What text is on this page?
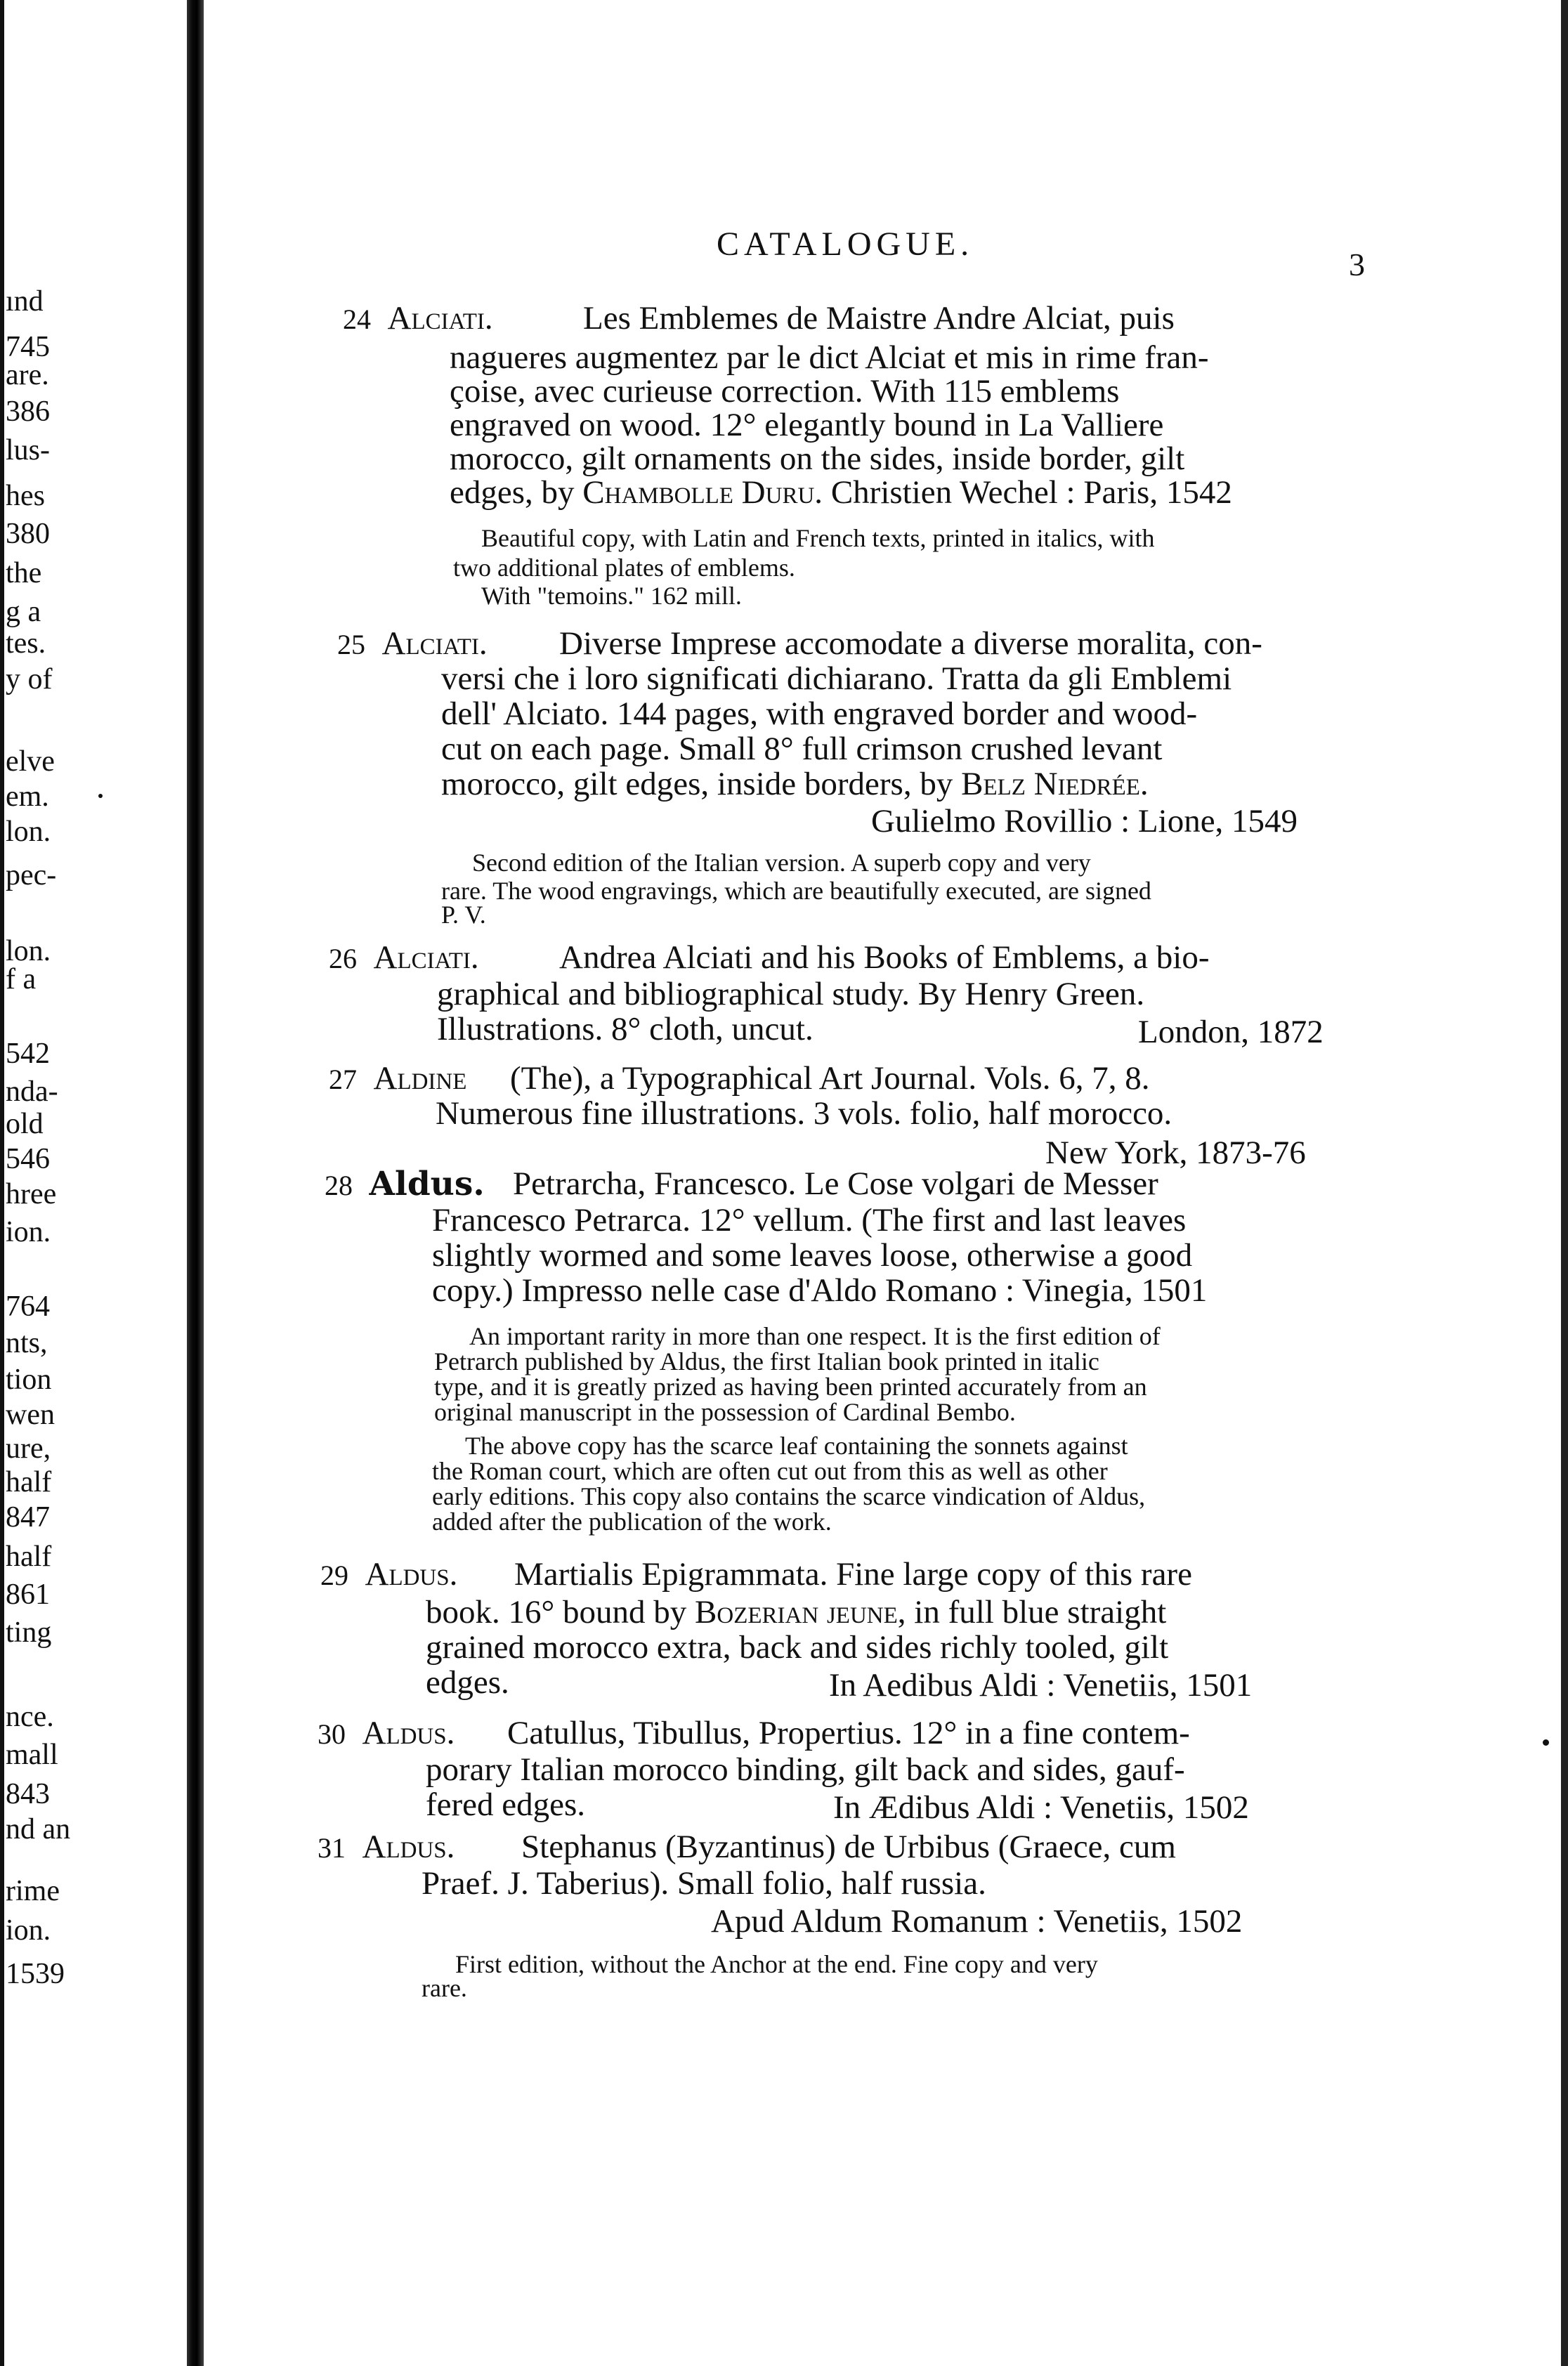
ınd
745
are.
386
lus-
hes
380
the
g a
tes.
y of
elve
em.
lon.
pec-
lon.
f a
542
nda-
old
546
hree
ion.
764
nts,
tion
wen
ure,
half
847
half
861
ting
nce.
mall
843
nd an
rime
ion.
1539
CATALOGUE.
3
24 Alciati.	Les Emblemes de Maistre Andre Alciat, puis
nagueres augmentez par le dict Alciat et mis in rime fran-
çoise, avec curieuse correction. With 115 emblems
engraved on wood. 12° elegantly bound in La Valliere
morocco, gilt ornaments on the sides, inside border, gilt
edges, by Chambolle Duru. Christien Wechel : Paris, 1542
Beautiful copy, with Latin and French texts, printed in italics, with
two additional plates of emblems.
With "temoins." 162 mill.
25 Alciati. Diverse Imprese accomodate a diverse moralita, con-
versi che i loro significati dichiarano. Tratta da gli Emblemi
dell' Alciato. 144 pages, with engraved border and wood-
cut on each page. Small 8° full crimson crushed levant
morocco, gilt edges, inside borders, by Belz Niedrée.
Gulielmo Rovillio : Lione, 1549
Second edition of the Italian version. A superb copy and very
rare. The wood engravings, which are beautifully executed, are signed
P. V.
26 Alciati. Andrea Alciati and his Books of Emblems, a bio-
graphical and bibliographical study. By Henry Green.
Illustrations. 8° cloth, uncut.	London, 1872
27 Aldine (The), a Typographical Art Journal. Vols. 6, 7, 8.
Numerous fine illustrations. 3 vols. folio, half morocco.
New York, 1873-76
28 Aldus. Petrarcha, Francesco. Le Cose volgari de Messer
Francesco Petrarca. 12° vellum. (The first and last leaves
slightly wormed and some leaves loose, otherwise a good
copy.) Impresso nelle case d'Aldo Romano : Vinegia, 1501
An important rarity in more than one respect. It is the first edition of
Petrarch published by Aldus, the first Italian book printed in italic
type, and it is greatly prized as having been printed accurately from an
original manuscript in the possession of Cardinal Bembo.
The above copy has the scarce leaf containing the sonnets against
the Roman court, which are often cut out from this as well as other
early editions. This copy also contains the scarce vindication of Aldus,
added after the publication of the work.
29 Aldus. Martialis Epigrammata. Fine large copy of this rare
book. 16° bound by Bozerian jeune, in full blue straight
grained morocco extra, back and sides richly tooled, gilt
edges.	In Aedibus Aldi : Venetiis, 1501
30 Aldus. Catullus, Tibullus, Propertius. 12° in a fine contem-
porary Italian morocco binding, gilt back and sides, gauf-
fered edges.	In Ædibus Aldi : Venetiis, 1502
31 Aldus. Stephanus (Byzantinus) de Urbibus (Graece, cum
Praef. J. Taberius). Small folio, half russia.
Apud Aldum Romanum : Venetiis, 1502
First edition, without the Anchor at the end. Fine copy and very
rare.
